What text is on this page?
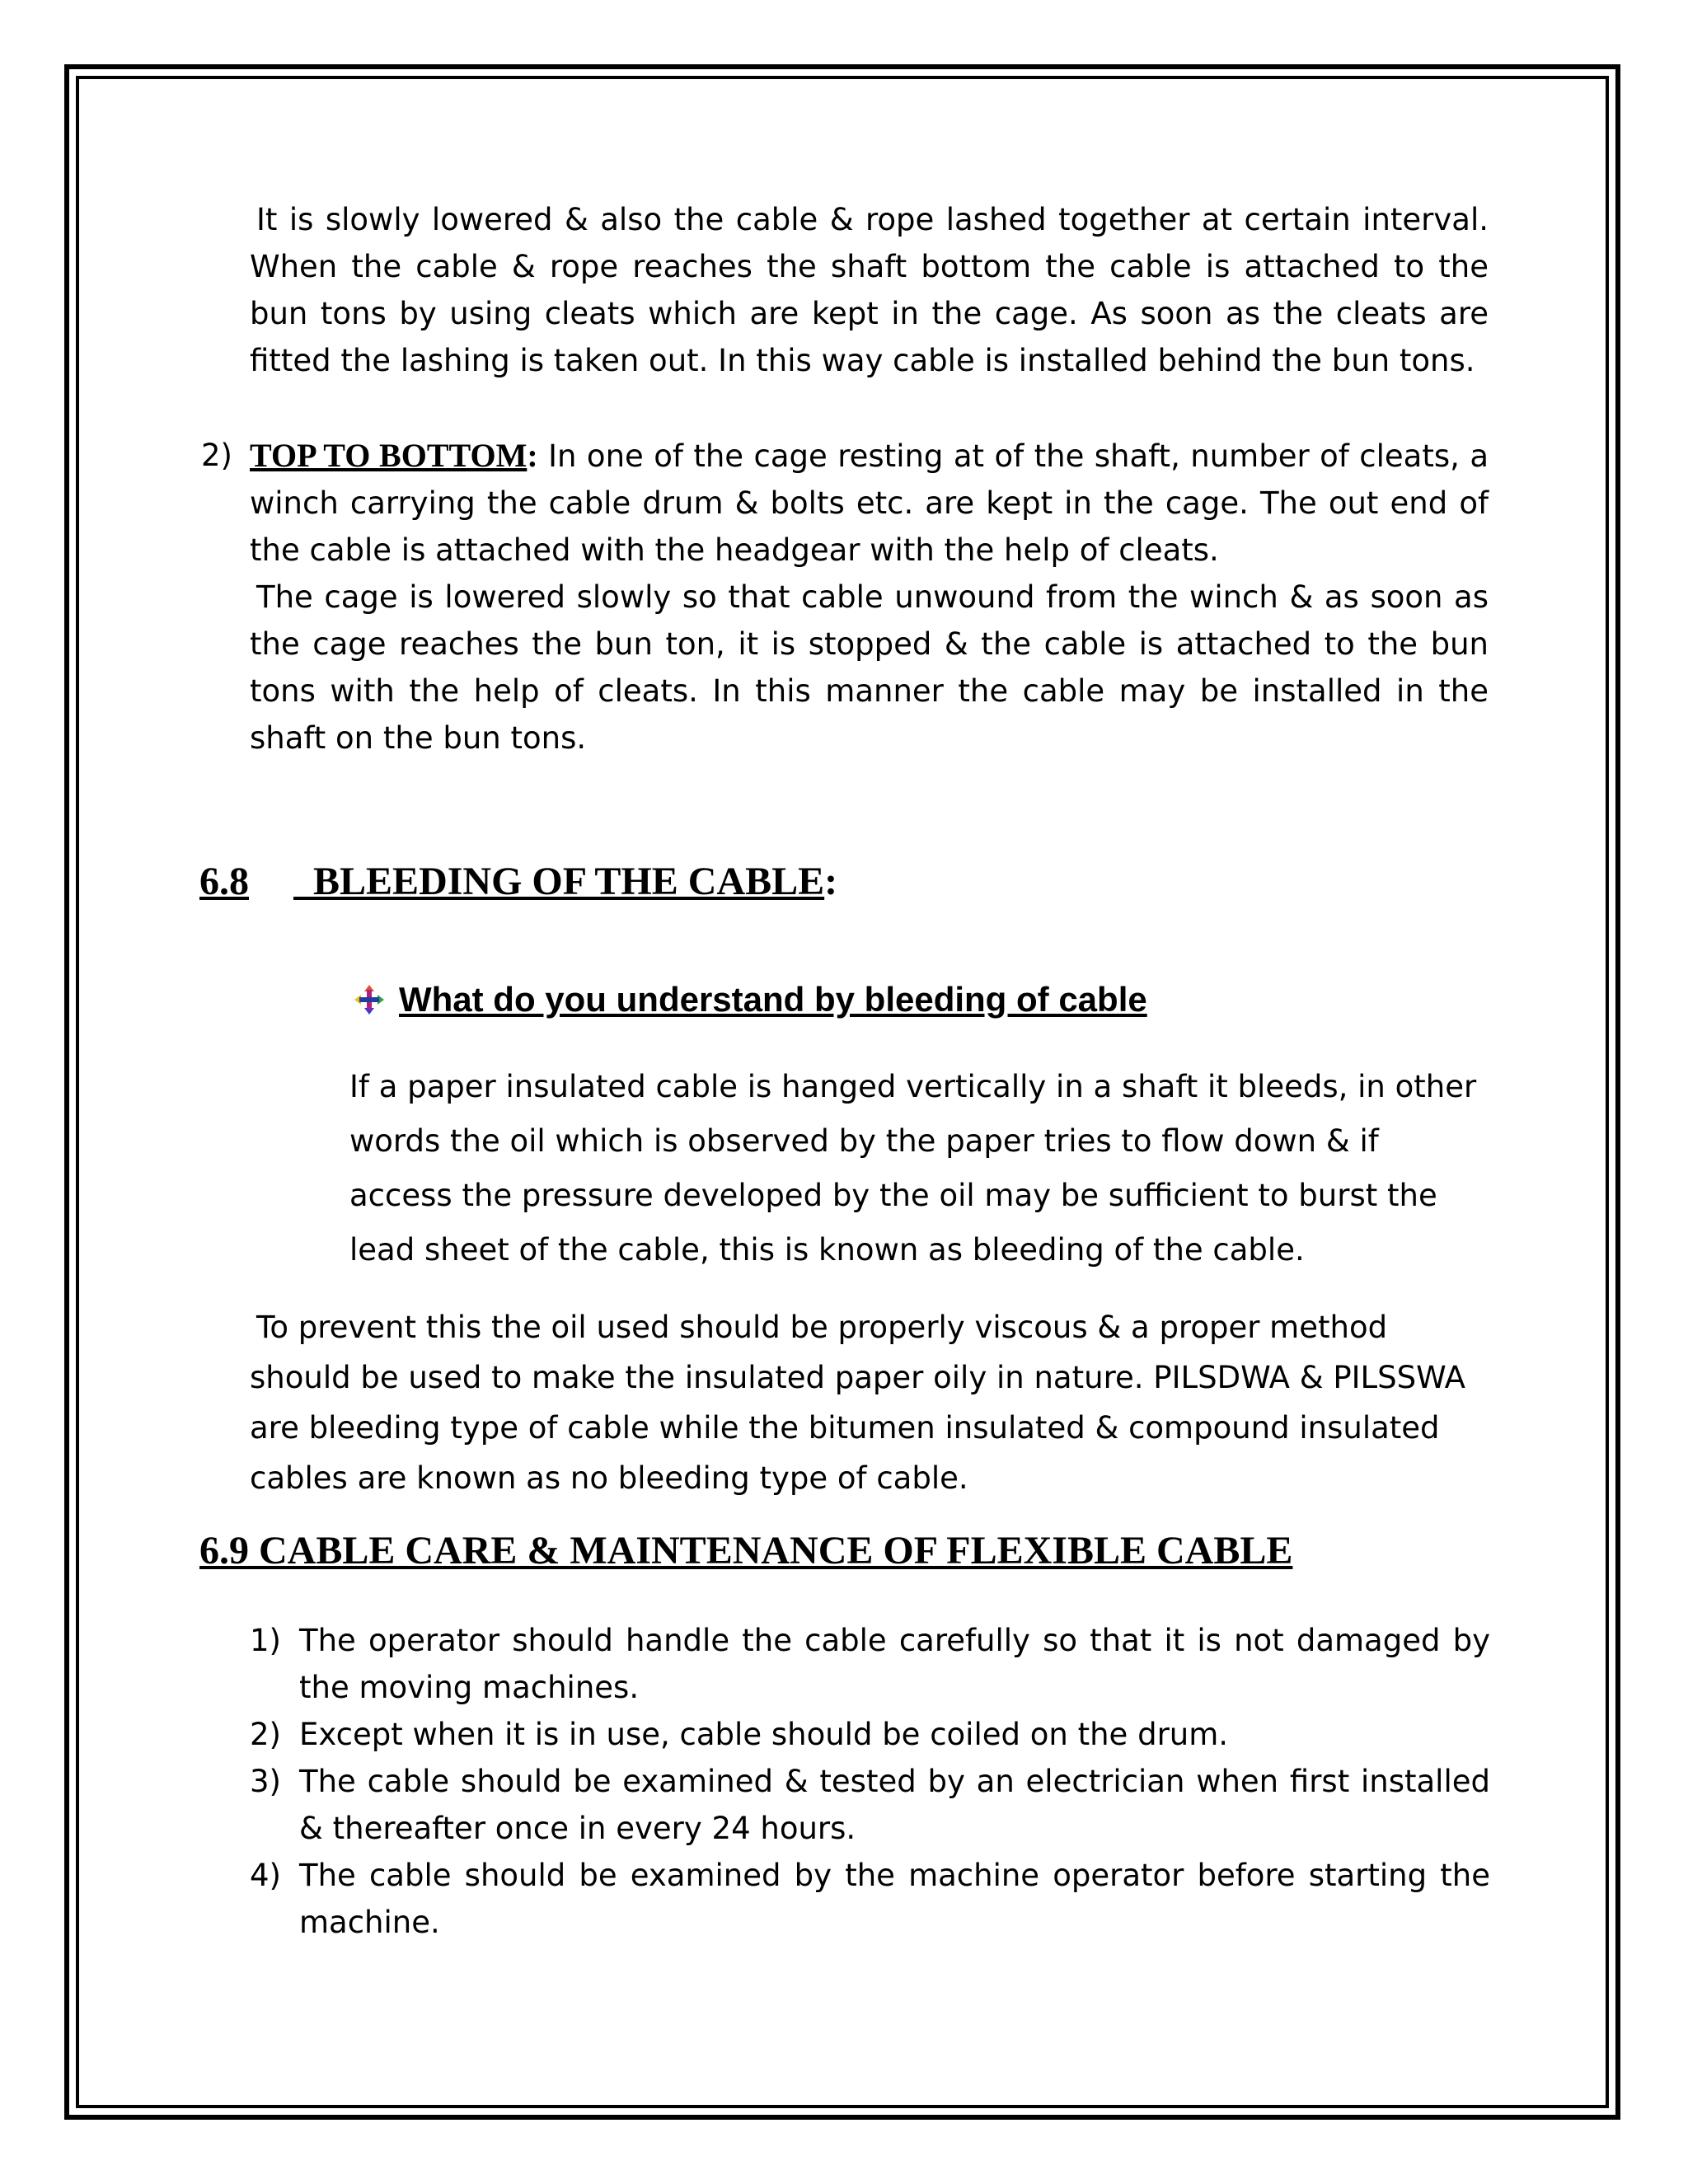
It is slowly lowered & also the cable & rope lashed together at certain interval. When the cable & rope reaches the shaft bottom the cable is attached to the bun tons by using cleats which are kept in the cage. As soon as the cleats are fitted the lashing is taken out. In this way cable is installed behind the bun tons.

2) TOP TO BOTTOM: In one of the cage resting at of the shaft, number of cleats, a winch carrying the cable drum & bolts etc. are kept in the cage. The out end of the cable is attached with the headgear with the help of cleats.

The cage is lowered slowly so that cable unwound from the winch & as soon as the cage reaches the bun ton, it is stopped & the cable is attached to the bun tons with the help of cleats. In this manner the cable may be installed in the shaft on the bun tons.

6.8 BLEEDING OF THE CABLE:
What do you understand by bleeding of cable

If a paper insulated cable is hanged vertically in a shaft it bleeds, in other words the oil which is observed by the paper tries to flow down & if access the pressure developed by the oil may be sufficient to burst the lead sheet of the cable, this is known as bleeding of the cable.

To prevent this the oil used should be properly viscous & a proper method should be used to make the insulated paper oily in nature. PILSDWA & PILSSWA are bleeding type of cable while the bitumen insulated & compound insulated cables are known as no bleeding type of cable.

6.9 CABLE CARE & MAINTENANCE OF FLEXIBLE CABLE
1) The operator should handle the cable carefully so that it is not damaged by the moving machines.
2) Except when it is in use, cable should be coiled on the drum.
3) The cable should be examined & tested by an electrician when first installed & thereafter once in every 24 hours.
4) The cable should be examined by the machine operator before starting the machine.
